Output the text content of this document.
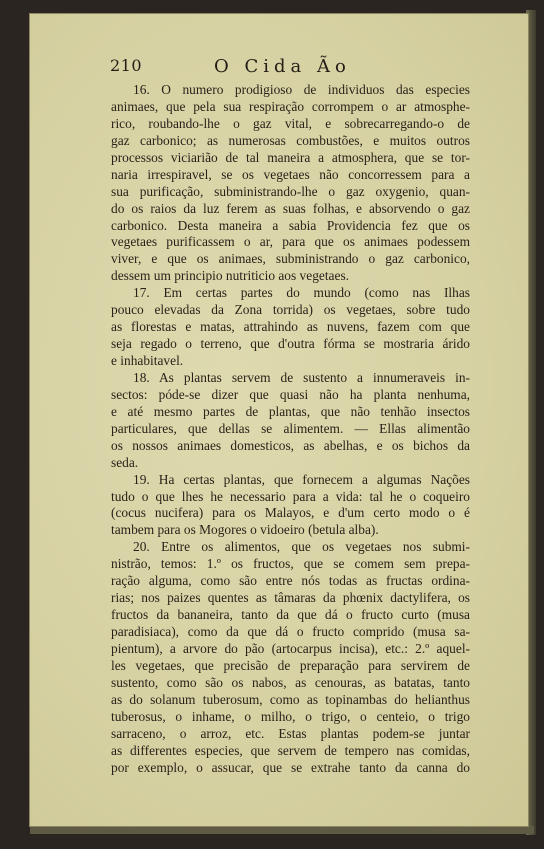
210	O Cida Ão
16. O numero prodigioso de individuos das especies
animaes, que pela sua respiração corrompem o ar atmosphe-
rico, roubando-lhe o gaz vital, e sobrecarregando-o de
gaz carbonico; as numerosas combustões, e muitos outros
processos viciarião de tal maneira a atmosphera, que se tor-
naria irrespiravel, se os vegetaes não concorressem para a
sua purificação, subministrando-lhe o gaz oxygenio, quan-
do os raios da luz ferem as suas folhas, e absorvendo o gaz
carbonico. Desta maneira a sabia Providencia fez que os
vegetaes purificassem o ar, para que os animaes podessem
viver, e que os animaes, subministrando o gaz carbonico,
dessem um principio nutriticio aos vegetaes.
17. Em certas partes do mundo (como nas Ilhas
pouco elevadas da Zona torrida) os vegetaes, sobre tudo
as florestas e matas, attrahindo as nuvens, fazem com que
seja regado o terreno, que d'outra fórma se mostraria árido
e inhabitavel.
18. As plantas servem de sustento a innumeraveis in-
sectos: póde-se dizer que quasi não ha planta nenhuma,
e até mesmo partes de plantas, que não tenhão insectos
particulares, que dellas se alimentem. — Ellas alimentão
os nossos animaes domesticos, as abelhas, e os bichos da
seda.
19. Ha certas plantas, que fornecem a algumas Nações
tudo o que lhes he necessario para a vida: tal he o coqueiro
(cocus nucifera) para os Malayos, e d'um certo modo o é
tambem para os Mogores o vidoeiro (betula alba).
20. Entre os alimentos, que os vegetaes nos submi-
nistrão, temos: 1.º os fructos, que se comem sem prepa-
ração alguma, como são entre nós todas as fructas ordina-
rias; nos paizes quentes as tâmaras da phœnix dactylifera, os
fructos da bananeira, tanto da que dá o fructo curto (musa
paradisiaca), como da que dá o fructo comprido (musa sa-
pientum), a arvore do pão (artocarpus incisa), etc.: 2.º aquel-
les vegetaes, que precisão de preparação para servirem de
sustento, como são os nabos, as cenouras, as batatas, tanto
as do solanum tuberosum, como as topinambas do helianthus
tuberosus, o inhame, o milho, o trigo, o centeio, o trigo
sarraceno, o arroz, etc. Estas plantas podem-se juntar
as differentes especies, que servem de tempero nas comidas,
por exemplo, o assucar, que se extrahe tanto da canna do
